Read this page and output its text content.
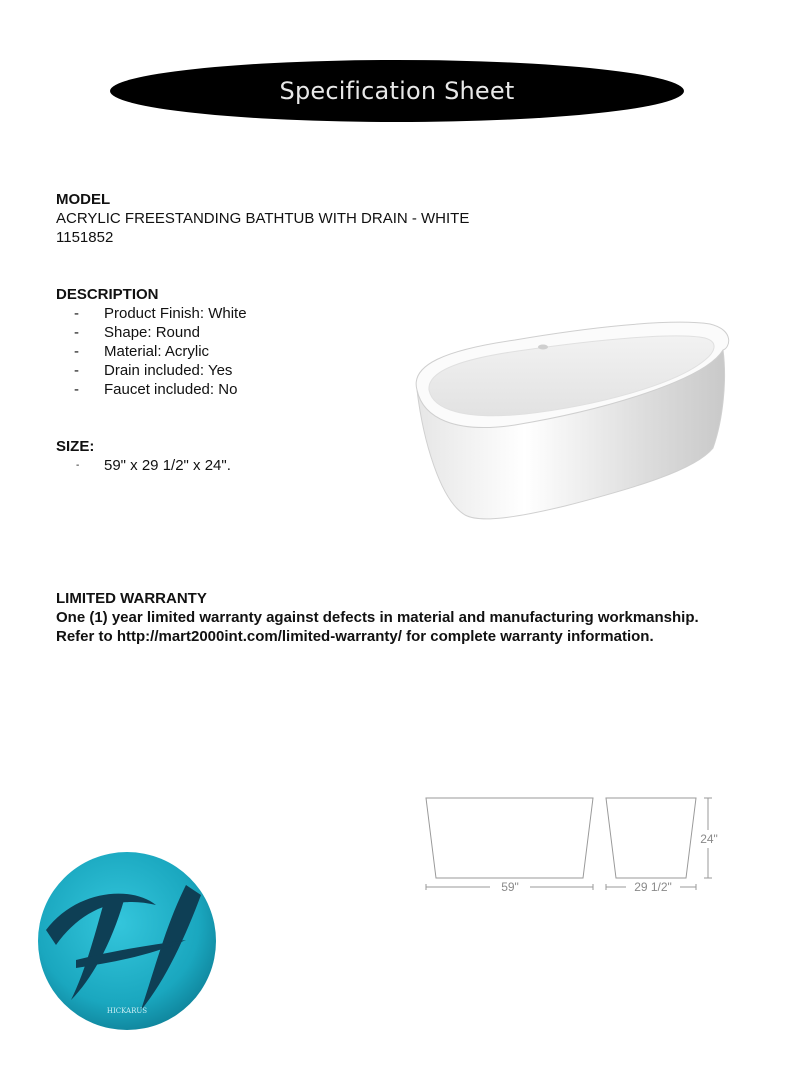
Specification Sheet
MODEL
ACRYLIC FREESTANDING BATHTUB WITH DRAIN - WHITE
1151852
DESCRIPTION
- Product Finish: White
- Shape: Round
- Material: Acrylic
- Drain included: Yes
- Faucet included: No
SIZE:
- 59" x 29 1/2" x 24".
LIMITED WARRANTY
One (1) year limited warranty against defects in material and manufacturing workmanship.
Refer to http://mart2000int.com/limited-warranty/ for complete warranty information.
59"	29 1/2"
24"
HICKARUS
